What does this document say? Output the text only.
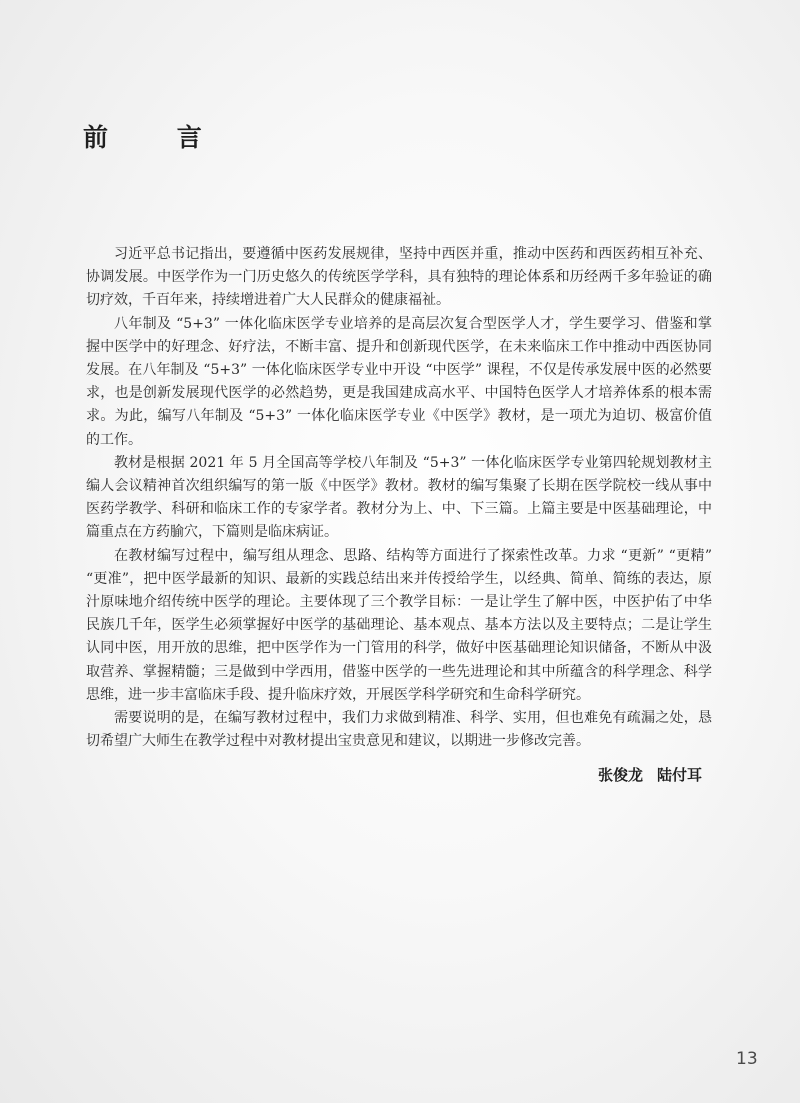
前 言

习近平总书记指出，要遵循中医药发展规律，坚持中西医并重，推动中医药和西医药相互补充、协调发展。中医学作为一门历史悠久的传统医学学科，具有独特的理论体系和历经两千多年验证的确切疗效，千百年来，持续增进着广大人民群众的健康福祉。

八年制及 “5+3” 一体化临床医学专业培养的是高层次复合型医学人才，学生要学习、借鉴和掌握中医学中的好理念、好疗法，不断丰富、提升和创新现代医学，在未来临床工作中推动中西医协同发展。在八年制及 “5+3” 一体化临床医学专业中开设 “中医学” 课程，不仅是传承发展中医的必然要求，也是创新发展现代医学的必然趋势，更是我国建成高水平、中国特色医学人才培养体系的根本需求。为此，编写八年制及 “5+3” 一体化临床医学专业《中医学》教材，是一项尤为迫切、极富价值的工作。

教材是根据 2021 年 5 月全国高等学校八年制及 “5+3” 一体化临床医学专业第四轮规划教材主编人会议精神首次组织编写的第一版《中医学》教材。教材的编写集聚了长期在医学院校一线从事中医药学教学、科研和临床工作的专家学者。教材分为上、中、下三篇。上篇主要是中医基础理论，中篇重点在方药腧穴，下篇则是临床病证。

在教材编写过程中，编写组从理念、思路、结构等方面进行了探索性改革。力求 “更新” “更精” “更准”，把中医学最新的知识、最新的实践总结出来并传授给学生，以经典、简单、简练的表达，原汁原味地介绍传统中医学的理论。主要体现了三个教学目标：一是让学生了解中医，中医护佑了中华民族几千年，医学生必须掌握好中医学的基础理论、基本观点、基本方法以及主要特点；二是让学生认同中医，用开放的思维，把中医学作为一门管用的科学，做好中医基础理论知识储备，不断从中汲取营养、掌握精髓；三是做到中学西用，借鉴中医学的一些先进理论和其中所蕴含的科学理念、科学思维，进一步丰富临床手段、提升临床疗效，开展医学科学研究和生命科学研究。

需要说明的是，在编写教材过程中，我们力求做到精准、科学、实用，但也难免有疏漏之处，恳切希望广大师生在教学过程中对教材提出宝贵意见和建议，以期进一步修改完善。

张俊龙 陆付耳
13
